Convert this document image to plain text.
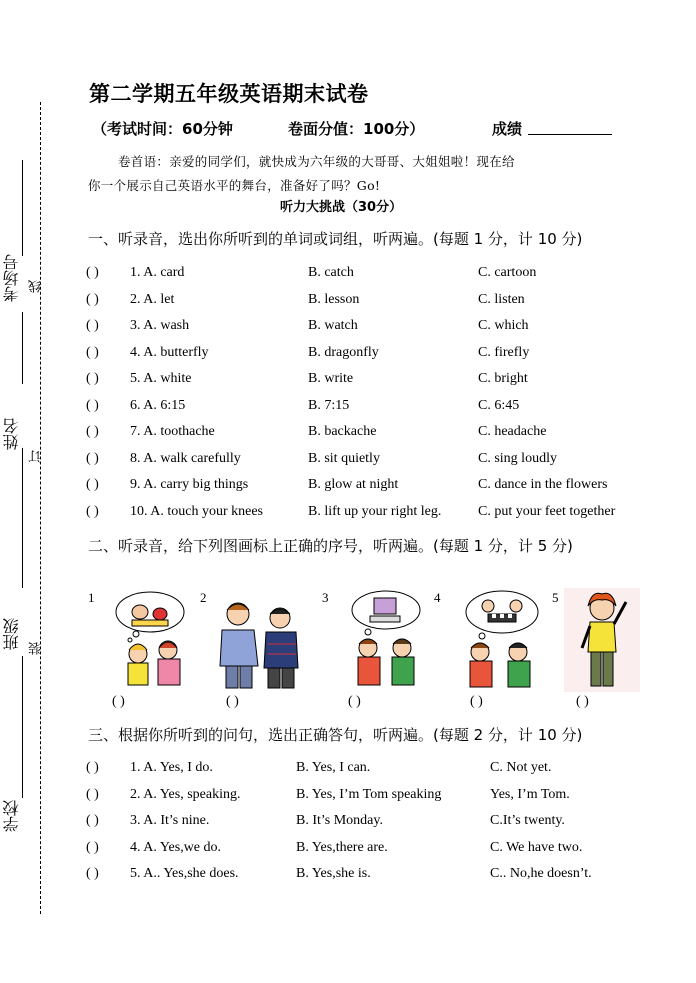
考场号 线
姓名
订
班级 装
学校
第二学期五年级英语期末试卷
（考试时间：60分钟	卷面分值：100分）	成绩
卷首语：亲爱的同学们，就快成为六年级的大哥哥、大姐姐啦！现在给
你一个展示自己英语水平的舞台，准备好了吗？Go!
听力大挑战（30分）
一、听录音，选出你所听到的单词或词组，听两遍。(每题 1 分，计 10 分)
( ) 1. A. card	B. catch	C. cartoon
( ) 2. A. let	B. lesson	C. listen
( ) 3. A. wash	B. watch	C. which
( ) 4. A. butterfly	B. dragonfly	C. firefly
( ) 5. A. white	B. write	C. bright
( ) 6. A. 6:15	B. 7:15	C. 6:45
( ) 7. A. toothache	B. backache	C. headache
( ) 8. A. walk carefully	B. sit quietly	C. sing loudly
( ) 9. A. carry big things	B. glow at night	C. dance in the flowers
( ) 10. A. touch your knees	B. lift up your right leg.	C. put your feet together
二、听录音，给下列图画标上正确的序号，听两遍。(每题 1 分，计 5 分)
1	2	3	4	5
( )	( )	( )	( )	( )
三、根据你所听到的问句，选出正确答句，听两遍。(每题 2 分，计 10 分)
( ) 1. A. Yes, I do.	B. Yes, I can.	C. Not yet.
( ) 2. A. Yes, speaking.	B. Yes, I’m Tom speaking	Yes, I’m Tom.
( ) 3. A. It’s nine.	B. It’s Monday.	C.It’s twenty.
( ) 4. A. Yes,we do.	B. Yes,there are.	C. We have two.
( ) 5. A.. Yes,she does.	B. Yes,she is.	C.. No,he doesn’t.
